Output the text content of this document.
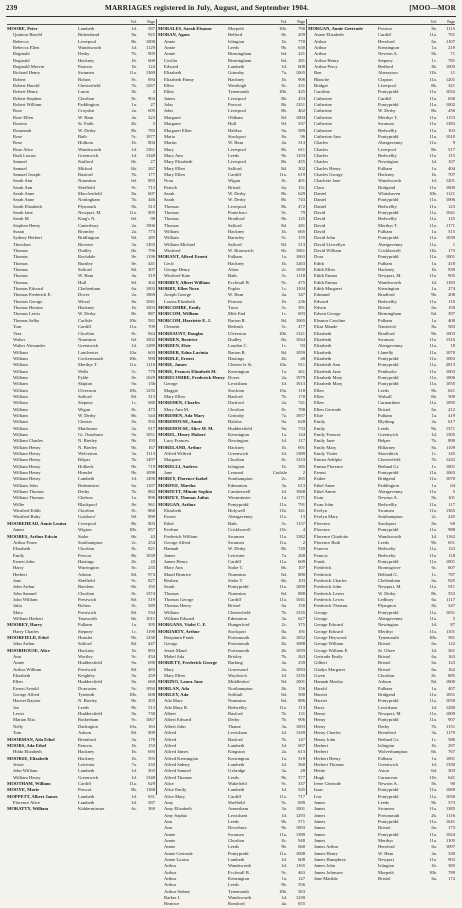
239	MARRIAGES registered in July, August, and September 1904.	[MOO—MOR
Vol.	Page
MOORE, Peter	Lambeth	1d.	587
Quinton Harold	Birkenhead	8a.	925
Rebecca	Liverpool	8b.	1000
Rebecca Ellen	Wandsworth	1d.	1129
Reginald	Derby	7b.	905
Reginald	Hackney	1b.	600
Reginald Mervin	Pancras	1b.	124
Richard Henry	Swansea	11a.	1369
Robert	Bolton	8c.	694
Robert Harold	Chesterfield	7b.	1267
Robert Henry	Luton	3b.	2
Robert Stephen	Chorlton	8c.	904
Robert William	Paddington	1a.	27
Rose	Croydon	2a.	605
Rose Ellen	W. Ham	4a.	323
Rosetta	St. Faith	4b.	5
Rosannah	W. Derby	8b.	783
Rose	Bath	5c.	1077
Rose	Holborn	1b.	804
Rose Alice	Wandsworth	1d.	1361
Ruth Louisa	Greenwich	1d.	1348
Samuel	Stafford	6b.	27
Samuel	Mitford	6b.	267
Samuel Joseph	Basford	7b.	177
Sarah Ann	Nuneaton	6d.	893
Sarah Ann	Sheffield	9c.	713
Sarah Anne	Macclesfield	8a.	607
Sarah Anne	Nottingham	7b.	446
Sarah Elizabeth	Plymouth	5b.	313
Sarah Jane	Newport, M.	11a.	905
Sarah M.	King's N.	6d.	98
Stephen Henry	Canterbury	2a.	1906
Susan	Bromley	2a.	773
Sydney Herbert	Bridlington	9d.	285
Theodora	Bicester	3a.	1493
Thomas	Dudley	6b.	796
Thomas	Rochdale	8e.	1196
Thomas	Burnley	8e.	441
Thomas	Salford	8d.	307
Thomas	W. Ham	4a.	319
Thomas	Hull	9d.	402
Thomas Edward	Cheltenham	6a.	1003
Thomas Frederick E.	Dover	2a.	1869
Thomas George	Wirral	8a.	1041
Thomas Horatio	Hackney	1b.	1003
Thomas Lewis	W. Derby	8b.	887
Thomas Selby	Carlisle	10b.	581
Tom	Cardiff	11a.	709
Vera	Chorlton	8c.	844
Walter	Nuneaton	6d.	1002
Walter Alexander	Greenwich	1d.	1289
William	Lanchester	10a.	603
William	Cockermouth	10b.	990
William	Merthyr T.	11a.	1116
William	Wells	5c.	779
William	Fylde	8e.	1029
William	Skipton	9a.	136
William	Ulverston	10b.	1235
William	Salford	8d.	313
William	Stepney	1c.	680
William	Wigan	8c.	473
William	W. Derby	8b.	544
William	Chester	8a.	592
William	Maidstone	2a.	917
William	Gt. Ouseburn	9a.	1051
William Charles	N. Bierley	9b.	193
William Henry	N. Bierley	9b.	167
William Henry	Wolverton	3a.	1113
William Henry	Belper	7b.	1497
William Henry	Holbeck	9b.	719
William Henry	Hunslet	9b.	1098
William Henry	Lambeth	1d.	1490
William John	Bedminster	6a.	1187
William Thomas	Derby	7b.	882
William Thomas	Chelsea	1a.	890
Willie	Blackpool	8e.	961
Winifred Edith	Chorlton	8c.	860
Winifred Ruby	Guisboro'	9d.	890
MOOREHEAD, Annie Louisa	Liverpool	8b.	803
James	Wigton	10b.	857
MOORES, Arthur Edwin	Stoke	6b.	43
Arthur Fearn	Southampton	2c.	254
Elizabeth	Chorlton	8c.	821
Emily	Prescot	8b.	1039
Ernest John	Hastings	2b.	43
Harry	Warrington	8c.	235
Herbert	Ashton	8d.	974
Jane	Sheffield	9c.	827
John Arthur	Burslem	6b.	192
John Samuel	Chorlton	8c.	1574
John William	Prestwich	8d.	519
Julia	Bolton	8c.	589
Mary	Prestwich	8d.	534
William Herbert	Tamworth	6b.	1011
MOOREY, Harry	Fulham	1a.	395
Harry Charles	Stepney	1c.	1190
MOORFIELD, Ethel	Hunslet	9b.	1230
John Arthur	Salford	8d.	447
MOORHOUSE, Alice	Hackney	1b.	893
Ann	Wortley	9c.	434
Annie	Huddersfield	9a.	690
Arthur William	Prestwich	8d.	483
Elizabeth	Keighley	9a.	259
Ellen	Huddersfield	9a.	660
Ernest Arnold	Doncaster	9c.	1094
George Alfred	Tynemth	10b.	608
Harriet Raynor	N. Bierley	9b.	293
Joe	Leeds	9b.	513
Lewis	Huddersfield	9a.	730
Marian Eliz.	Rotherham	9c.	1067
Nelly	Darlington	10a.	163
Tom	Ashton	8d.	909
MOORMAN, Ada Ethel	Brentford	3a.	178
MOORS, Ada Ethel	Pancras	1b.	153
Hilda Elizabeth	Hackney	1b.	693
MOORSE, Elizabeth	Hackney	1b.	593
Jessie	Leicester	7a.	233
John William	Lambeth	1d.	503
William Henry	Greenwich	1d.	1348
MOOTHAM, William	Cardiff	11a.	629
MOOYE, Marie	Prescot	8b.	1168
MOPPETT, Albert James	Lambeth	1d.	631
Florence Alice	Lambeth	1d.	587
MORATTY, William	Kidderminster	6c.	369
Vol.	Page
MORALES, Sarah Eleanor	Morpeth	10b.	790
MORAN, Agnes	Belford	8e.	209
Annie	Islington	1b.	770
Annie	Leeds	9b.	630
Annie	Birmingham	6d.	221
Cecilia	Birmingham	6d.	281
Edward	Lambeth	1d.	608
Elizabeth	Grimsby	7a.	1065
Elizabeth Fanny	Hackney	1b.	906
Ellen	Westleigh	8c.	231
Ellen	Tynemouth	10b.	425
James	Liverpool	8b.	453
John	Prescot	8b.	1351
John	Liverpool	8b.	462
Margaret	Oldham	8d.	1004
Margaret	Hull	9d.	337
Margaret Ellen	Halifax	9a.	589
Maria	Stockport	8a.	96
Martin	W. Ham	4a.	313
Mary	Liverpool	8b.	611
Mary Ann	Leeds	9b.	1103
Mary Elizabeth	Liverpool	8b.	455
Mary Ellen	Salford	8d.	302
Mary Ellen	Cardiff	11a.	619
Nora	Wigan	8c.	401
Patrick	Bristol	6a.	151
Sarah	W. Derby	8b.	629
Sarah	W. Derby	8b.	743
Thomas	Liverpool	8b.	472
Thomas	Pontefract	9c.	79
Thomas	Bradford	9b.	125
Thomas	Salford	8d.	281
William	Hackney	1b.	665
William	Barnsley	9c.	155
William Michael	Salford	8d.	313
Winifred	W. Bromwich	6b.	1061
MORANT, Alfred Ernest	Fulham	1a.	1063
Cecil	Hackney	1b.	1263
George Henry	Alton	2c.	1050
Winifred Kate	Bath	5c.	1118
MORBEY, Albert William	Ecclesall B.	9c.	475
MORBY, Ellen Nora	Poplar	1c.	1104
Joseph George	W. Ham	4a.	347
Louisa Elizabeth	Pancras	1b.	236
MORCOMBE, Emily	Truro	5c.	391
MORCOM, William	Mile End	1c.	693
MORCOM, Harriette E. J.	Barton R.	8d.	1065
Clement	Redruth	5c.	477
MORDAUNT, Douglas	Ulverston	10b.	1321
MORDEN, Beatrice	Dudley	6b.	1044
MORDEN, Elsie	London C.	1c.	93
MORDER, Edna Lavinia	Barton R.	8d.	1059
MORDLE, Ernest	Hastings	2b.	48
MORE, James	Chester le St.	10a.	911
MORE, Frances Elizabeth M.	Kensington	1a.	261
MORECOMBE, Frederick Henry Dover	2a.	1979
George	Lewisham	1d.	1613
Maggie	Stockton	10a.	118
Mary Ellen	Basford	7b.	170
MOREHEN, Charles	Dartford	2a.	741
Mary Ann M.	Chorlton	8c.	788
MOREHEN, Ada Mary	Grimsby	7a.	1057
MOREHOUSE, Annie	Halifax	9a.	628
MOREHOUSE, Alice M. M.	Huddersfield	9a.	733
MOREL, Henry Hubert	Kensington	1a.	144
Lucy Frances	Newington	1d.	117
MORELAND, Arthur	Hackney	1b.	691
Alfred Wilfred	Greenwich	1d.	1389
Margaret	Chorlton	8c.	1333
MORELLI, Andrew	Islington	1b.	385
Jane	Leonard	Carlisle	2
MOREY, Florence Isabel	Southampton	2c.	265
MORFEE, Martha	Edmonton	3a.	613
MORFETT, Minnie Sophia	Camberwell	1d.	1068
MORFEY, Thomas Julius	Westminster	1a.	1171
MORGAN, Arthur	Pontypridd	11a.	791
Elizabeth	Holywell	11b.	341
Ernest	Abergavenny	11a.	13
Ethel	Bath	5c.	1137
Evelina	Crickhowell	11b.	4
Frederick William	Swansea	11a.	1382
George Alfred	Swansea	11a.	2
Hannah	W. Derby	8b.	720
James	Leicester	7a.	268
James Henry	Cardiff	11a.	609
Mary Ann	Stoke T.	6b.	107
Maud Beatrice	Nuneaton	6d.	880
Reuben	Stoke T.	6b.	103
Sarah	Pontypridd	11a.	1000
Thomas	Nuneaton	6d.	888
Thomas George	Cardiff	11a.	1041
Thomas Henry	Bristol	6a.	150
William	Chesterfield	7b.	1335
William Edward	Edmonton	3a.	627
MORGANS, Violet C. F.	Hungerford	2c.	375
MORIARTY, Arthur	Stockport	8a.	191
Benjamin Frank	Portsmouth	2b.	1052
George	Portsmouth	2b.	1088
Jessie Maud	Portsmouth	2b.	1059
Mabel Ada	Brixley	7b.	263
MORIETY, Frederick George	Barking	4a.	239
Mary	Gravesend	2a.	1093
Mary Ellen	Woolwich	1d.	1335
MORINO, Laura Jane	Middlesbro'	9d.	1001
MORLAN, Ada	Northampton	3b.	156
MORLEY, Ada	Solihull	6d.	580
Ada Mary	Nuneaton	6d.	886
Ada Mary R.	Bedwellty	11a.	113
Albert	Basford	7b.	131
Albert Edward	Derby	7b.	906
Albert John	Thame	3a.	1003
Alfred	Lewisham	1d.	1349
Alfred	Basford	7b.	147
Alfred	Lambeth	1d.	697
Alfred James	Kingston	2a.	613
Alfred Kensington	Kensington	1a.	318
Alfred Sidney	Lambeth	1d.	560
Alfred Samuel	Uxbridge	3a.	28
Alfred Thomas	Leeds	9b.	577
Alice	Wakefield	9c.	337
Alice Emily	Lambeth	1d.	545
Alice Mary	Cardiff	11a.	717
Amy	Sheffield	9c.	699
Amy Elizabeth	Amersham	3a.	1001
Amy Sophia	Lewisham	1d.	1293
Ann	Leeds	9b.	571
Ann	Dewsbury	9b.	1003
Annie	Swansea	11a.	1389
Annie	Chorlton	8c.	940
Annie	Leeds	9b.	660
Annie Gertrude	Pontypridd	11a.	1008
Annie Louisa	Lambeth	1d.	608
Arthur	Wandsworth	1d.	1165
Arthur	Ecclesall B.	9c.	463
Arthur	Kensington	1a.	127
Arthur	Leeds	9b.	556
Arthur Sidney	Tynemouth	10b.	563
Barker J.	Wandsworth	1d.	1239
Beatrice	Romford	4a.	655
Vol.	Page
MORGAN, Annie Gertrude	Preston	8e.	1115
Annie Elizabeth	Cardiff	11a.	701
Arthur	Hereford	6a.	1107
Arthur	Kensington	1a.	219
Arthur	Newton A.	5b.	71
Arthur Henry	Stepney	1c.	781
Arthur Percy	Bedford	3b.	1003
Ben	Aberayron	11b.	11
Blanche	Clapton	11a.	1201
Bridget	Liverpool	8b.	321
Caroline	Pontypridd	11a.	1032
Catherine	Cardiff	11a.	630
Catherine	Pontypridd	11a.	1002
Catherine	W. Derby	8b.	456
Catherine	Merthyr T.	11a.	1153
Catherine	Swansea	11a.	1383
Catherine	Bedwellty	11a.	103
Catherine Ann	Pontypridd	11a.	1010
Charles	Abergavenny	11a.	9
Charles	Liverpool	8b.	517
Charles	Bedwellty	11a.	115
Charles	Newington	1d.	107
Charles Henry	Fulham	1a.	404
Charles George	Hackney	1b.	707
Charlotte Jane	Wandsworth	1d.	1201
Clara	Bridgend	11a.	1000
Daniel	Whitehaven	10b.	1121
Daniel	Pontypridd	11a.	1006
Daniel	Bedwellty	11a.	123
David	Pontypridd	11a.	1041
David	Bedwellty	11a.	125
David	Merthyr T.	11a.	1171
David	Fulham	1a.	515
David John	Pontypridd	11a.	1039
David Llewellyn	Abergavenny	11a.	1
David William	Crickhowell	11b.	173
Dora	Pontypridd	11a.	1001
Edith	Fulham	1a.	418
Edith Ellen	Hackney	1b.	939
Edith Emma	Newport, M.	11a.	905
Edith Emma	Wandsworth	1d.	1183
Edith Margaret	Kensington	1a.	274
Edmund	Bradford	9b.	208
Edward	Bedwellty	11a.	110
Edwin	Bristol	6a.	150
Edwin George	Birmingham	6d.	397
Eleanor Caroline	Fulham	1a.	400
Eliza Maude	Nantwich	8a.	583
Elizabeth	Bradford	9b.	1003
Elizabeth	Swansea	11a.	1316
Elizabeth	Abergavenny	11a.	18
Elizabeth	Llanelly	11a.	1070
Elizabeth	Pontypridd	11a.	1063
Elizabeth Ann	Pontypridd	11a.	2813
Elizabeth Jane	Pembroke	11a.	1003
Elizabeth Mary	Pontypridd	11a.	1006
Elizabeth Mary	Pontypridd	11a.	1035
Ellen	Leeds	9b.	621
Ellen	Walsall	6b.	509
Ellen	Carmarthen	11a.	1095
Ellen Gertrude	Bristol	6a.	212
Elsie	Fulham	1a.	419
Emily	Blything	4a.	617
Emily	Leeds	9b.	1371
Emily Frances	Greenwich	1d.	1305
Emily Jane	Belper	7b.	890
Emily Mary	Hillarney	8a.	1109
Emily Violet	Shoreditch	1c.	145
Emma Adelphi	Chesterfield	7b.	1243
Emma Florence	Bethnal Gr.	1c.	1001
Ernest	Pontypridd	11a.	1063
Esther	Bridgend	11a.	1070
Ethel Anne	Paddington	1a.	64
Ethel Annie	Abergavenny	11a.	5
Evan	Newton A.	5b.	101
Evan John	Bedwellty	11a.	117
Evelyn	Swansea	11a.	1365
Evelyn Mary	Southampton	2c.	245
Florence	Stockport	8a.	69
Florence	Pontypridd	11a.	988
Florence Charlotte	Wandsworth	1d.	1162
Florence Ruth	Leeds	9b.	651
Frances	Bedwelty	11a.	123
Francis	Bedwelty	11a.	118
Frank	Pontypridd	11a.	1001
Frederick	Bromsgrove	6c.	607
Frederick	Belland G.	1c.	787
Frederick Charles	Cheltenham	6a.	925
Frederick John	Newport, M.	11a.	911
Frederick Lester	W. Derby	8b.	553
Frederick Lewis	Ledbury	6a.	1117
Frederick Thomas	Plympton	5b.	547
George	Pontypridd	11a.	1031
George	Abergavenny	11a.	5
George Edward	Newington	1d.	87
George Edward	Merthyr	11a.	1101
George Heywood	Tynemouth	10b.	581
George William	Bristol	6a.	122
George William E.	St. Olave	1d.	301
Gertrude Emily	Bristol	6a.	163
Gilbert	Bristol	6a.	123
Gladys Margaret	Bristol	6a.	162
Gwen	Chorlton	8c.	885
Hannah Martha	Ashton	8d.	1000
Harold	Fulham	1a.	407
Harriet	Bridgend	11a.	1051
Harriet	Pontypridd	11a.	1050
Harry	Lewisham	1d.	1280
Henry	Newport, M.	11a.	1009
Henry	Pontypridd	11a.	907
Henry	Derby	7b.	1151
Henry Charles	Brentford	3a.	1179
Henry John	Bethnal Gr.	1c.	580
Herbert	Islington	1b.	297
Herbert	Wolverhampton	6b.	767
Herbert Henry	Fulham	1a.	1001
Herbert Thomas	Greenwich	1d.	1350
Hettie	Aston	6d.	303
Hugh	Carnarvon	11b.	641
Irene Gertrude	Newton A.	5b.	90
Isaac	Pontypridd	11a.	1069
Ivor	Pontypridd	11a.	1030
James	Leeds	9b.	573
James	Swansea	11a.	1385
James	Portsmouth	2b.	1116
James	Pontypridd	11a.	1041
James	Bristol	6a.	173
James	Pontypridd	11a.	1024
James	Merthyr	11a.	1105
James Arthur	Hereford	6a.	1097
James Henry	W. Ham	4a.	330
James Humphrey	Newport	11a.	903
James John	Islington	1b.	385
James Johnston	Morpeth	10b.	789
Jane Matilda	Bristol	6a.	172
